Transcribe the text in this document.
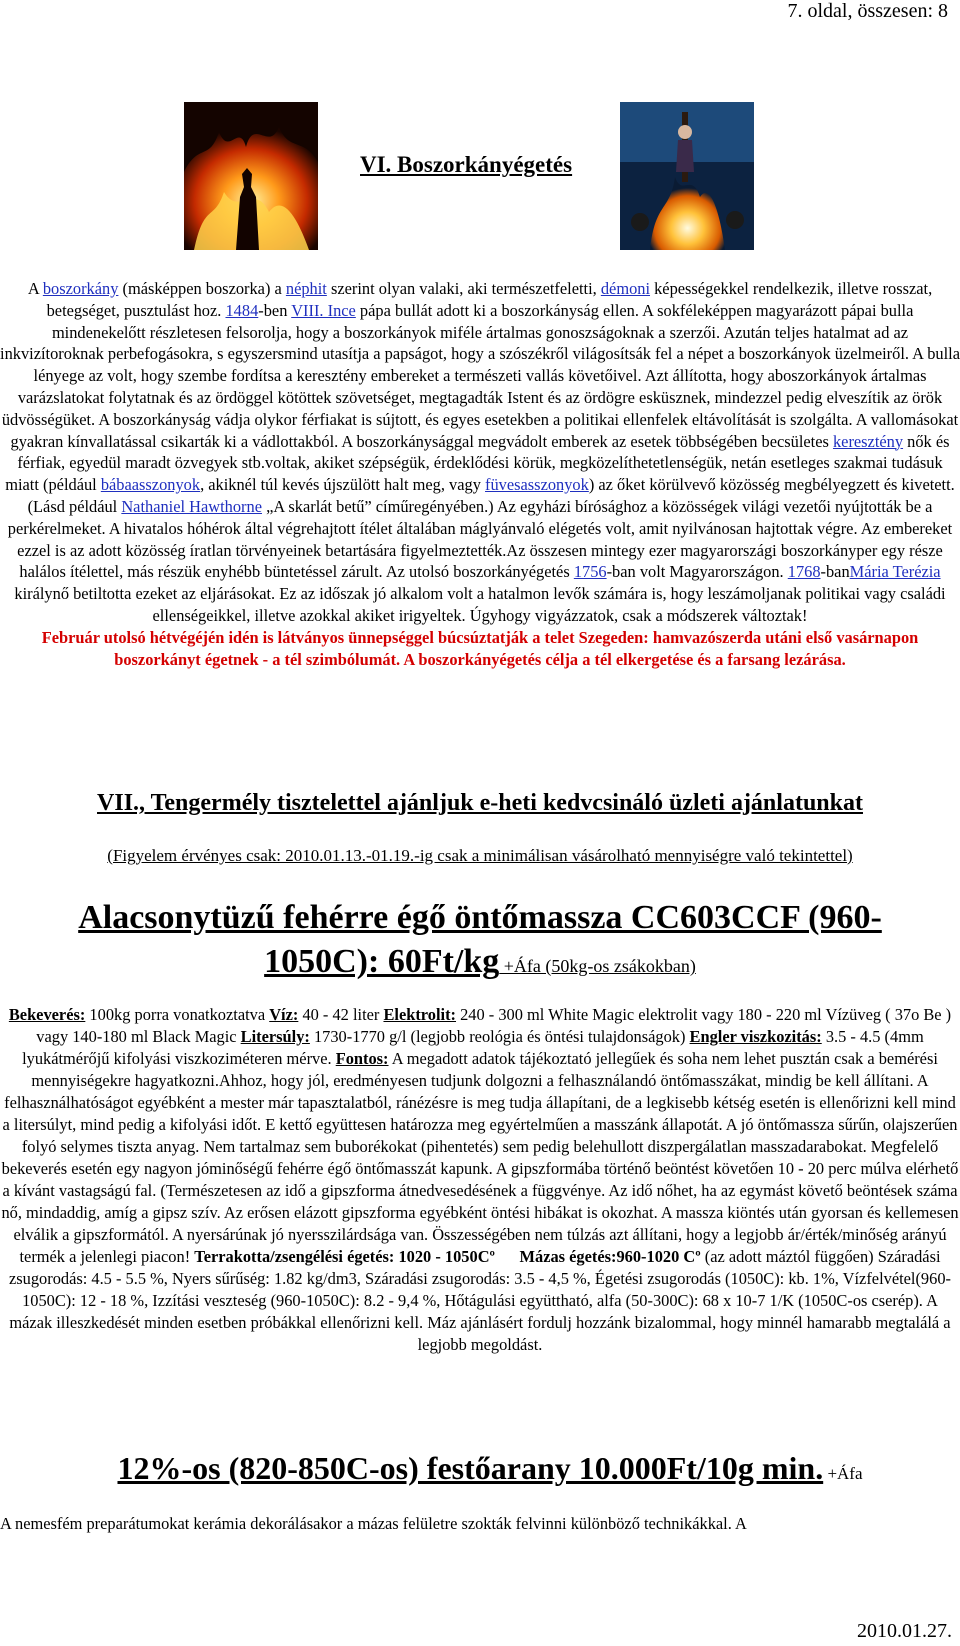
7. oldal, összesen: 8
VI. Boszorkányégetés

A boszorkány (másképpen boszorka) a néphit szerint olyan valaki, aki természetfeletti, démoni képességekkel rendelkezik, illetve rosszat, betegséget, pusztulást hoz. 1484-ben VIII. Ince pápa bullát adott ki a boszorkányság ellen. A sokféleképpen magyarázott pápai bulla mindenekelőtt részletesen felsorolja, hogy a boszorkányok miféle ártalmas gonoszságoknak a szerzői. Azután teljes hatalmat ad az inkvizítoroknak perbefogásokra, s egyszersmind utasítja a papságot, hogy a szószékről világosítsák fel a népet a boszorkányok üzelmeiről. A bulla lényege az volt, hogy szembe fordítsa a keresztény embereket a természeti vallás követőivel. Azt állította, hogy aboszorkányok ártalmas varázslatokat folytatnak és az ördöggel kötöttek szövetséget, megtagadták Istent és az ördögre esküsznek, mindezzel pedig elveszítik az örök üdvösségüket. A boszorkányság vádja olykor férfiakat is sújtott, és egyes esetekben a politikai ellenfelek eltávolítását is szolgálta. A vallomásokat gyakran kínvallatással csikarták ki a vádlottakból. A boszorkánysággal megvádolt emberek az esetek többségében becsületes keresztény nők és férfiak, egyedül maradt özvegyek stb.voltak, akiket szépségük, érdeklődési körük, megközelíthetetlenségük, netán esetleges szakmai tudásuk miatt (például bábaasszonyok, akiknél túl kevés újszülött halt meg, vagy füvesasszonyok) az őket körülvevő közösség megbélyegzett és kivetett. (Lásd például Nathaniel Hawthorne „A skarlát betű” címűregényében.) Az egyházi bírósághoz a közösségek világi vezetői nyújtották be a perkérelmeket. A hivatalos hóhérok által végrehajtott ítélet általában máglyánvaló elégetés volt, amit nyilvánosan hajtottak végre. Az embereket ezzel is az adott közösség íratlan törvényeinek betartására figyelmeztették.Az összesen mintegy ezer magyarországi boszorkányper egy része halálos ítélettel, más részük enyhébb büntetéssel zárult. Az utolsó boszorkányégetés 1756-ban volt Magyarországon. 1768-banMária Terézia királynő betiltotta ezeket az eljárásokat. Ez az időszak jó alkalom volt a hatalmon levők számára is, hogy leszámoljanak politikai vagy családi ellenségeikkel, illetve azokkal akiket irigyeltek. Úgyhogy vigyázzatok, csak a módszerek változtak!

Február utolsó hétvégéjén idén is látványos ünnepséggel búcsúztatják a telet Szegeden: hamvazószerda utáni első vasárnapon boszorkányt égetnek - a tél szimbólumát. A boszorkányégetés célja a tél elkergetése és a farsang lezárása.

VII., Tengermély tisztelettel ajánljuk e-heti kedvcsináló üzleti ajánlatunkat
(Figyelem érvényes csak: 2010.01.13.-01.19.-ig csak a minimálisan vásárolható mennyiségre való tekintettel)
Alacsonytüzű fehérre égő öntőmassza CC603CCF (960-1050C): 60Ft/kg +Áfa (50kg-os zsákokban)

Bekeverés: 100kg porra vonatkoztatva Víz: 40 - 42 liter Elektrolit: 240 - 300 ml White Magic elektrolit vagy 180 - 220 ml Vízüveg ( 37o Be ) vagy 140-180 ml Black Magic Litersúly: 1730-1770 g/l (legjobb reológia és öntési tulajdonságok) Engler viszkozitás: 3.5 - 4.5 (4mm lyukátmérőjű kifolyási viszkoziméteren mérve. Fontos: A megadott adatok tájékoztató jellegűek és soha nem lehet pusztán csak a bemérési mennyiségekre hagyatkozni.Ahhoz, hogy jól, eredményesen tudjunk dolgozni a felhasználandó öntőmasszákat, mindig be kell állítani. A felhasználhatóságot egyébként a mester már tapasztalatból, ránézésre is meg tudja állapítani, de a legkisebb kétség esetén is ellenőrizni kell mind a litersúlyt, mind pedig a kifolyási időt. E kettő együttesen határozza meg egyértelműen a masszánk állapotát. A jó öntőmassza sűrűn, olajszerűen folyó selymes tiszta anyag. Nem tartalmaz sem buborékokat (pihentetés) sem pedig belehullott diszpergálatlan masszadarabokat. Megfelelő bekeverés esetén egy nagyon jóminőségű fehérre égő öntőmasszát kapunk. A gipszformába történő beöntést követően 10 - 20 perc múlva elérhető a kívánt vastagságú fal. (Természetesen az idő a gipszforma átnedvesedésének a függvénye. Az idő nőhet, ha az egymást követő beöntések száma nő, mindaddig, amíg a gipsz szív. Az erősen elázott gipszforma egyébként öntési hibákat is okozhat. A massza kiöntés után gyorsan és kellemesen elválik a gipszformától. A nyersárúnak jó nyersszilárdsága van. Összességében nem túlzás azt állítani, hogy a legjobb ár/érték/minőség arányú termék a jelenlegi piacon! Terrakotta/zsengélési égetés: 1020 - 1050Cº Mázas égetés:960-1020 Cº (az adott máztól függően) Száradási zsugorodás: 4.5 - 5.5 %, Nyers sűrűség: 1.82 kg/dm3, Száradási zsugorodás: 3.5 - 4,5 %, Égetési zsugorodás (1050C): kb. 1%, Vízfelvétel(960-1050C): 12 - 18 %, Izzítási veszteség (960-1050C): 8.2 - 9,4 %, Hőtágulási együttható, alfa (50-300C): 68 x 10-7 1/K (1050C-os cserép). A mázak illeszkedését minden esetben próbákkal ellenőrizni kell. Máz ajánlásért fordulj hozzánk bizalommal, hogy minnél hamarabb megtalálá a legjobb megoldást.

12%-os (820-850C-os) festőarany 10.000Ft/10g min. +Áfa
A nemesfém preparátumokat kerámia dekorálásakor a mázas felületre szokták felvinni különböző technikákkal. A
2010.01.27.
